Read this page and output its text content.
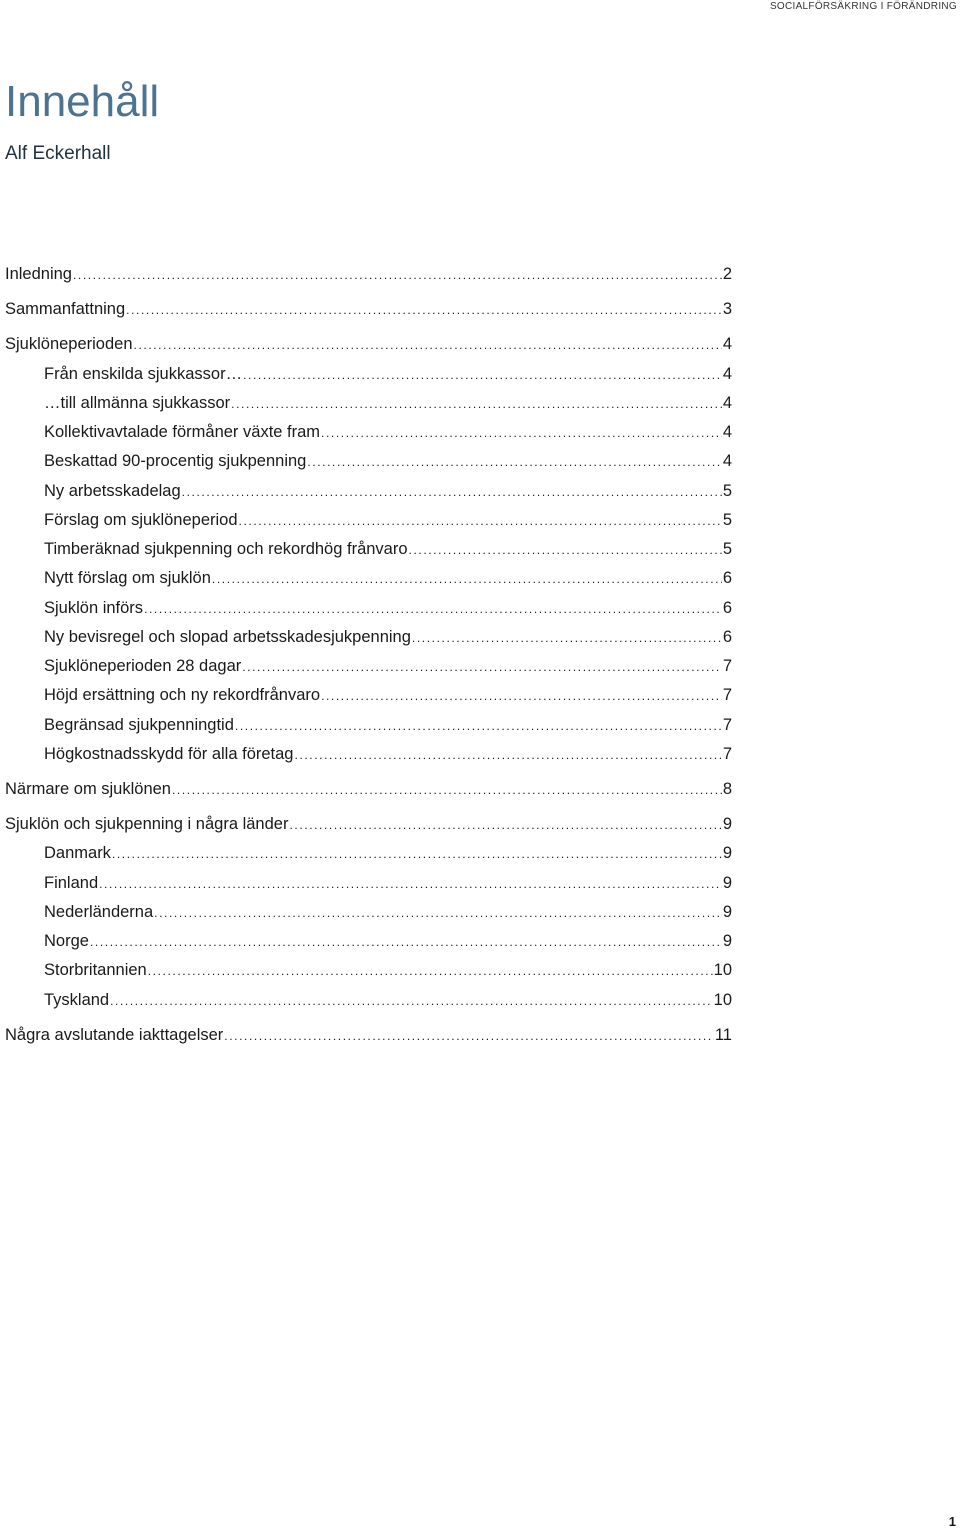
SOCIALFÖRSÄKRING I FÖRÄNDRING
Innehåll

Alf Eckerhall

Inledning .....	2
Sammanfattning .....	3
Sjuklöneperioden .....	4
Från enskilda sjukkassor… .....	4
…till allmänna sjukkassor .....	4
Kollektivavtalade förmåner växte fram .....	4
Beskattad 90-procentig sjukpenning .....	4
Ny arbetsskadelag .....	5
Förslag om sjuklöneperiod .....	5
Timberäknad sjukpenning och rekordhög frånvaro .....	5
Nytt förslag om sjuklön .....	6
Sjuklön införs .....	6
Ny bevisregel och slopad arbetsskadesjukpenning .....	6
Sjuklöneperioden 28 dagar .....	7
Höjd ersättning och ny rekordfrånvaro .....	7
Begränsad sjukpenningtid .....	7
Högkostnadsskydd för alla företag .....	7
Närmare om sjuklönen .....	8
Sjuklön och sjukpenning i några länder .....	9
Danmark .....	9
Finland .....	9
Nederländerna .....	9
Norge .....	9
Storbritannien .....	10
Tyskland .....	10
Några avslutande iakttagelser .....	11
1
